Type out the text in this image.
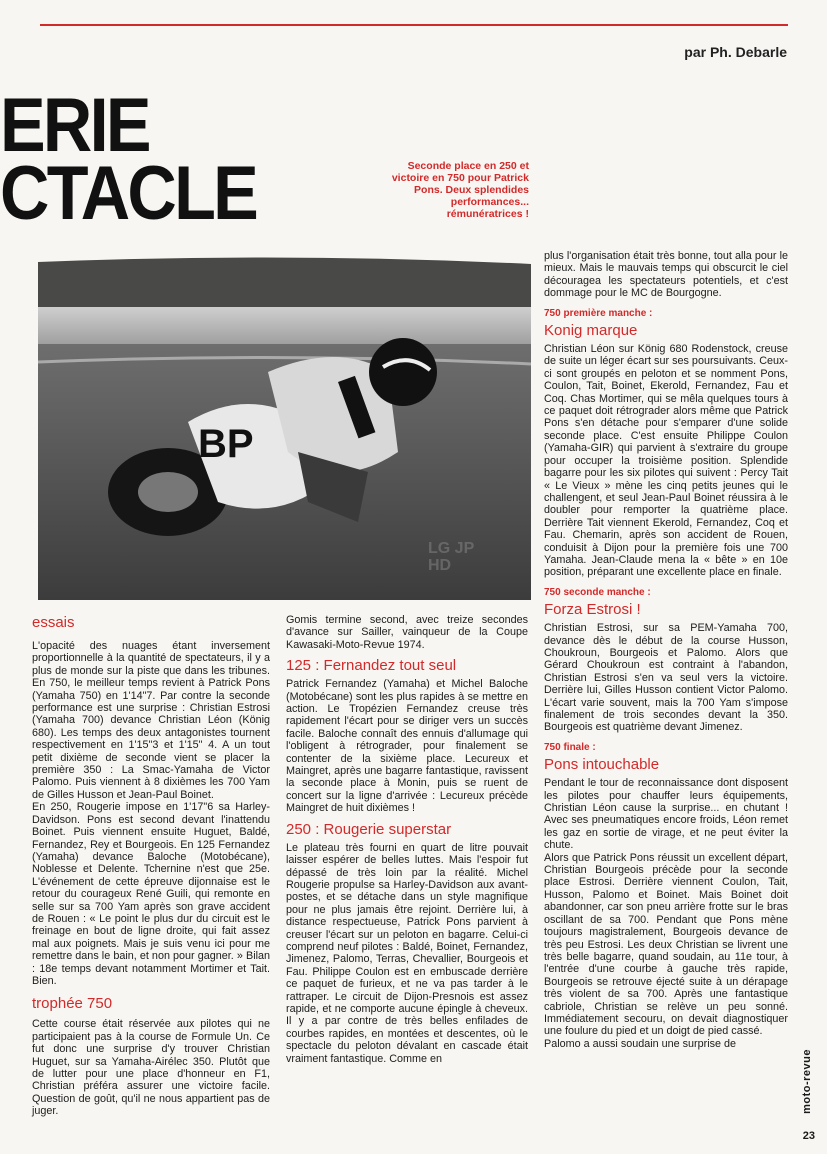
par Ph. Debarle
ERIE
CTACLE	Seconde place en 250 et victoire en 750 pour Patrick Pons. Deux splendides performances... rémunératrices !
BP
LG JP HD
essais

L'opacité des nuages étant inversement proportionnelle à la quantité de spectateurs, il y a plus de monde sur la piste que dans les tribunes. En 750, le meilleur temps revient à Patrick Pons (Yamaha 750) en 1'14"7. Par contre la seconde performance est une surprise : Christian Estrosi (Yamaha 700) devance Christian Léon (König 680). Les temps des deux antagonistes tournent respectivement en 1'15"3 et 1'15" 4. A un tout petit dixième de seconde vient se placer la première 350 : La Smac-Yamaha de Victor Palomo. Puis viennent à 8 dixièmes les 700 Yam de Gilles Husson et Jean-Paul Boinet.

En 250, Rougerie impose en 1'17"6 sa Harley-Davidson. Pons est second devant l'inattendu Boinet. Puis viennent ensuite Huguet, Baldé, Fernandez, Rey et Bourgeois. En 125 Fernandez (Yamaha) devance Baloche (Motobécane), Noblesse et Delente. Tchernine n'est que 25e. L'événement de cette épreuve dijonnaise est le retour du courageux René Guili, qui remonte en selle sur sa 700 Yam après son grave accident de Rouen : « Le point le plus dur du circuit est le freinage en bout de ligne droite, qui fait assez mal aux poignets. Mais je suis venu ici pour me remettre dans le bain, et non pour gagner. » Bilan : 18e temps devant notamment Mortimer et Tait. Bien.

trophée 750

Cette course était réservée aux pilotes qui ne participaient pas à la course de Formule Un. Ce fut donc une surprise d'y trouver Christian Huguet, sur sa Yamaha-Airélec 350. Plutôt que de lutter pour une place d'honneur en F1, Christian préféra assurer une victoire facile. Question de goût, qu'il ne nous appartient pas de juger.

Gomis termine second, avec treize secondes d'avance sur Sailler, vainqueur de la Coupe Kawasaki-Moto-Revue 1974.

125 : Fernandez tout seul

Patrick Fernandez (Yamaha) et Michel Baloche (Motobécane) sont les plus rapides à se mettre en action. Le Tropézien Fernandez creuse très rapidement l'écart pour se diriger vers un succès facile. Baloche connaît des ennuis d'allumage qui l'obligent à rétrograder, pour finalement se contenter de la sixième place. Lecureux et Maingret, après une bagarre fantastique, ravissent la seconde place à Monin, puis se ruent de concert sur la ligne d'arrivée : Lecureux précède Maingret de huit dixièmes !

250 : Rougerie superstar

Le plateau très fourni en quart de litre pouvait laisser espérer de belles luttes. Mais l'espoir fut dépassé de très loin par la réalité. Michel Rougerie propulse sa Harley-Davidson aux avant-postes, et se détache dans un style magnifique pour ne plus jamais être rejoint. Derrière lui, à distance respectueuse, Patrick Pons parvient à creuser l'écart sur un peloton en bagarre. Celui-ci comprend neuf pilotes : Baldé, Boinet, Fernandez, Jimenez, Palomo, Terras, Chevallier, Bourgeois et Fau. Philippe Coulon est en embuscade derrière ce paquet de furieux, et ne va pas tarder à le rattraper. Le circuit de Dijon-Presnois est assez rapide, et ne comporte aucune épingle à cheveux. Il y a par contre de très belles enfilades de courbes rapides, en montées et descentes, où le spectacle du peloton dévalant en cascade était vraiment fantastique. Comme en

plus l'organisation était très bonne, tout alla pour le mieux. Mais le mauvais temps qui obscurcit le ciel découragea les spectateurs potentiels, et c'est dommage pour le MC de Bourgogne.

750 première manche :

Konig marque

Christian Léon sur König 680 Rodenstock, creuse de suite un léger écart sur ses poursuivants. Ceux-ci sont groupés en peloton et se nomment Pons, Coulon, Tait, Boinet, Ekerold, Fernandez, Fau et Coq. Chas Mortimer, qui se mêla quelques tours à ce paquet doit rétrograder alors même que Patrick Pons s'en détache pour s'emparer d'une solide seconde place. C'est ensuite Philippe Coulon (Yamaha-GIR) qui parvient à s'extraire du groupe pour occuper la troisième position. Splendide bagarre pour les six pilotes qui suivent : Percy Tait « Le Vieux » mène les cinq petits jeunes qui le challengent, et seul Jean-Paul Boinet réussira à le doubler pour remporter la quatrième place. Derrière Tait viennent Ekerold, Fernandez, Coq et Fau. Chemarin, après son accident de Rouen, conduisit à Dijon pour la première fois une 700 Yamaha. Jean-Claude mena la « bête » en 10e position, préparant une excellente place en finale.

750 seconde manche :

Forza Estrosi !

Christian Estrosi, sur sa PEM-Yamaha 700, devance dès le début de la course Husson, Choukroun, Bourgeois et Palomo. Alors que Gérard Choukroun est contraint à l'abandon, Christian Estrosi s'en va seul vers la victoire. Derrière lui, Gilles Husson contient Victor Palomo. L'écart varie souvent, mais la 700 Yam s'impose finalement de trois secondes devant la 350. Bourgeois est quatrième devant Jimenez.

750 finale :

Pons intouchable

Pendant le tour de reconnaissance dont disposent les pilotes pour chauffer leurs équipements, Christian Léon cause la surprise... en chutant ! Avec ses pneumatiques encore froids, Léon remet les gaz en sortie de virage, et ne peut éviter la chute.

Alors que Patrick Pons réussit un excellent départ, Christian Bourgeois précède pour la seconde place Estrosi. Derrière viennent Coulon, Tait, Husson, Palomo et Boinet. Mais Boinet doit abandonner, car son pneu arrière frotte sur le bras oscillant de sa 700. Pendant que Pons mène toujours magistralement, Bourgeois devance de très peu Estrosi. Les deux Christian se livrent une très belle bagarre, quand soudain, au 11e tour, à l'entrée d'une courbe à gauche très rapide, Bourgeois se retrouve éjecté suite à un dérapage très violent de sa 700. Après une fantastique cabriole, Christian se relève un peu sonné. Immédiatement secouru, on devait diagnostiquer une foulure du pied et un doigt de pied cassé.

Palomo a aussi soudain une surprise de

moto-revue
23
